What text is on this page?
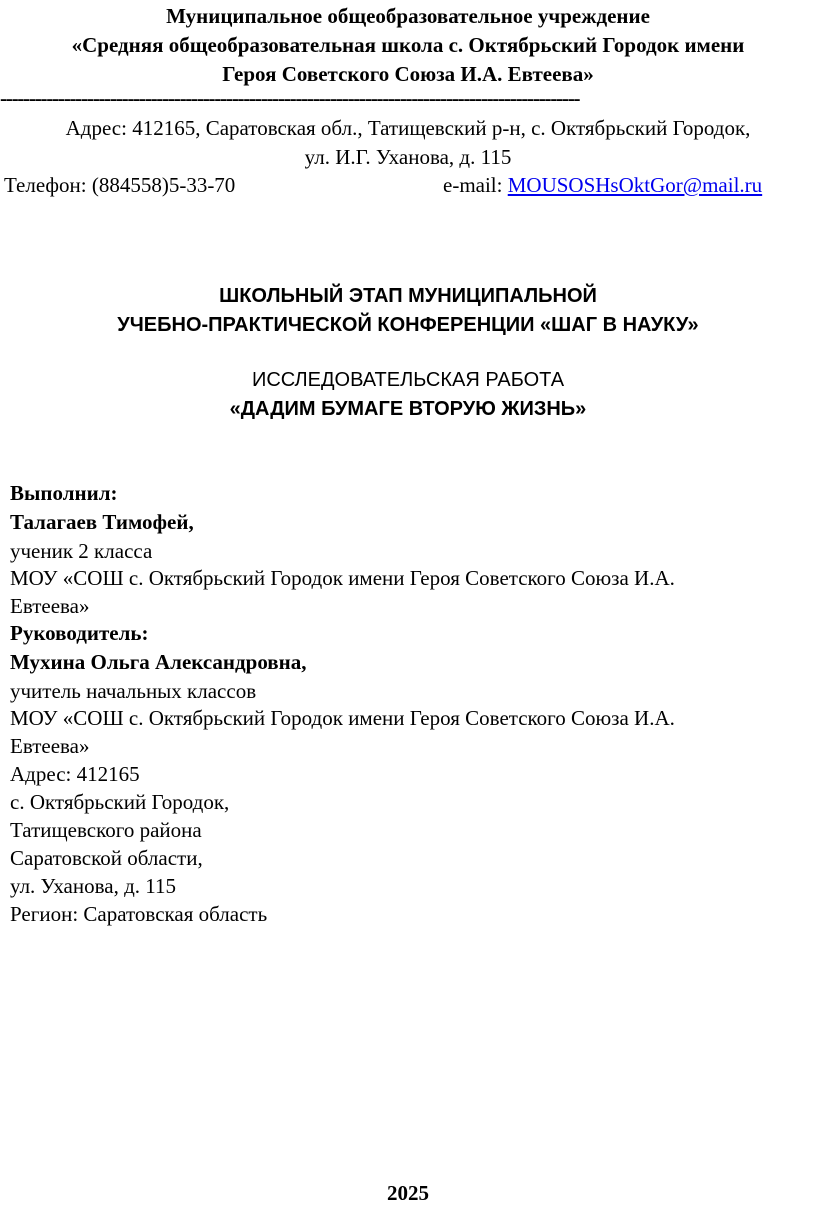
Муниципальное общеобразовательное учреждение
«Средняя общеобразовательная школа с. Октябрьский Городок имени
Героя Советского Союза И.А. Евтеева»
----------------------------------------------------------------------------------------------------
Адрес: 412165, Саратовская обл., Татищевский р-н, с. Октябрьский Городок,
ул. И.Г. Уханова, д. 115
Телефон: (884558)5-33-70	e-mail: MOUSOSHsOktGor@mail.ru
ШКОЛЬНЫЙ ЭТАП МУНИЦИПАЛЬНОЙ
УЧЕБНО-ПРАКТИЧЕСКОЙ КОНФЕРЕНЦИИ «ШАГ В НАУКУ»
ИССЛЕДОВАТЕЛЬСКАЯ РАБОТА
«ДАДИМ БУМАГЕ ВТОРУЮ ЖИЗНЬ»
Выполнил:
Талагаев Тимофей,
ученик 2 класса
МОУ «СОШ с. Октябрьский Городок имени Героя Советского Союза И.А.
Евтеева»
Руководитель:
Мухина Ольга Александровна,
учитель начальных классов
МОУ «СОШ с. Октябрьский Городок имени Героя Советского Союза И.А.
Евтеева»
Адрес: 412165
с. Октябрьский Городок,
Татищевского района
Саратовской области,
ул. Уханова, д. 115
Регион: Саратовская область
2025
